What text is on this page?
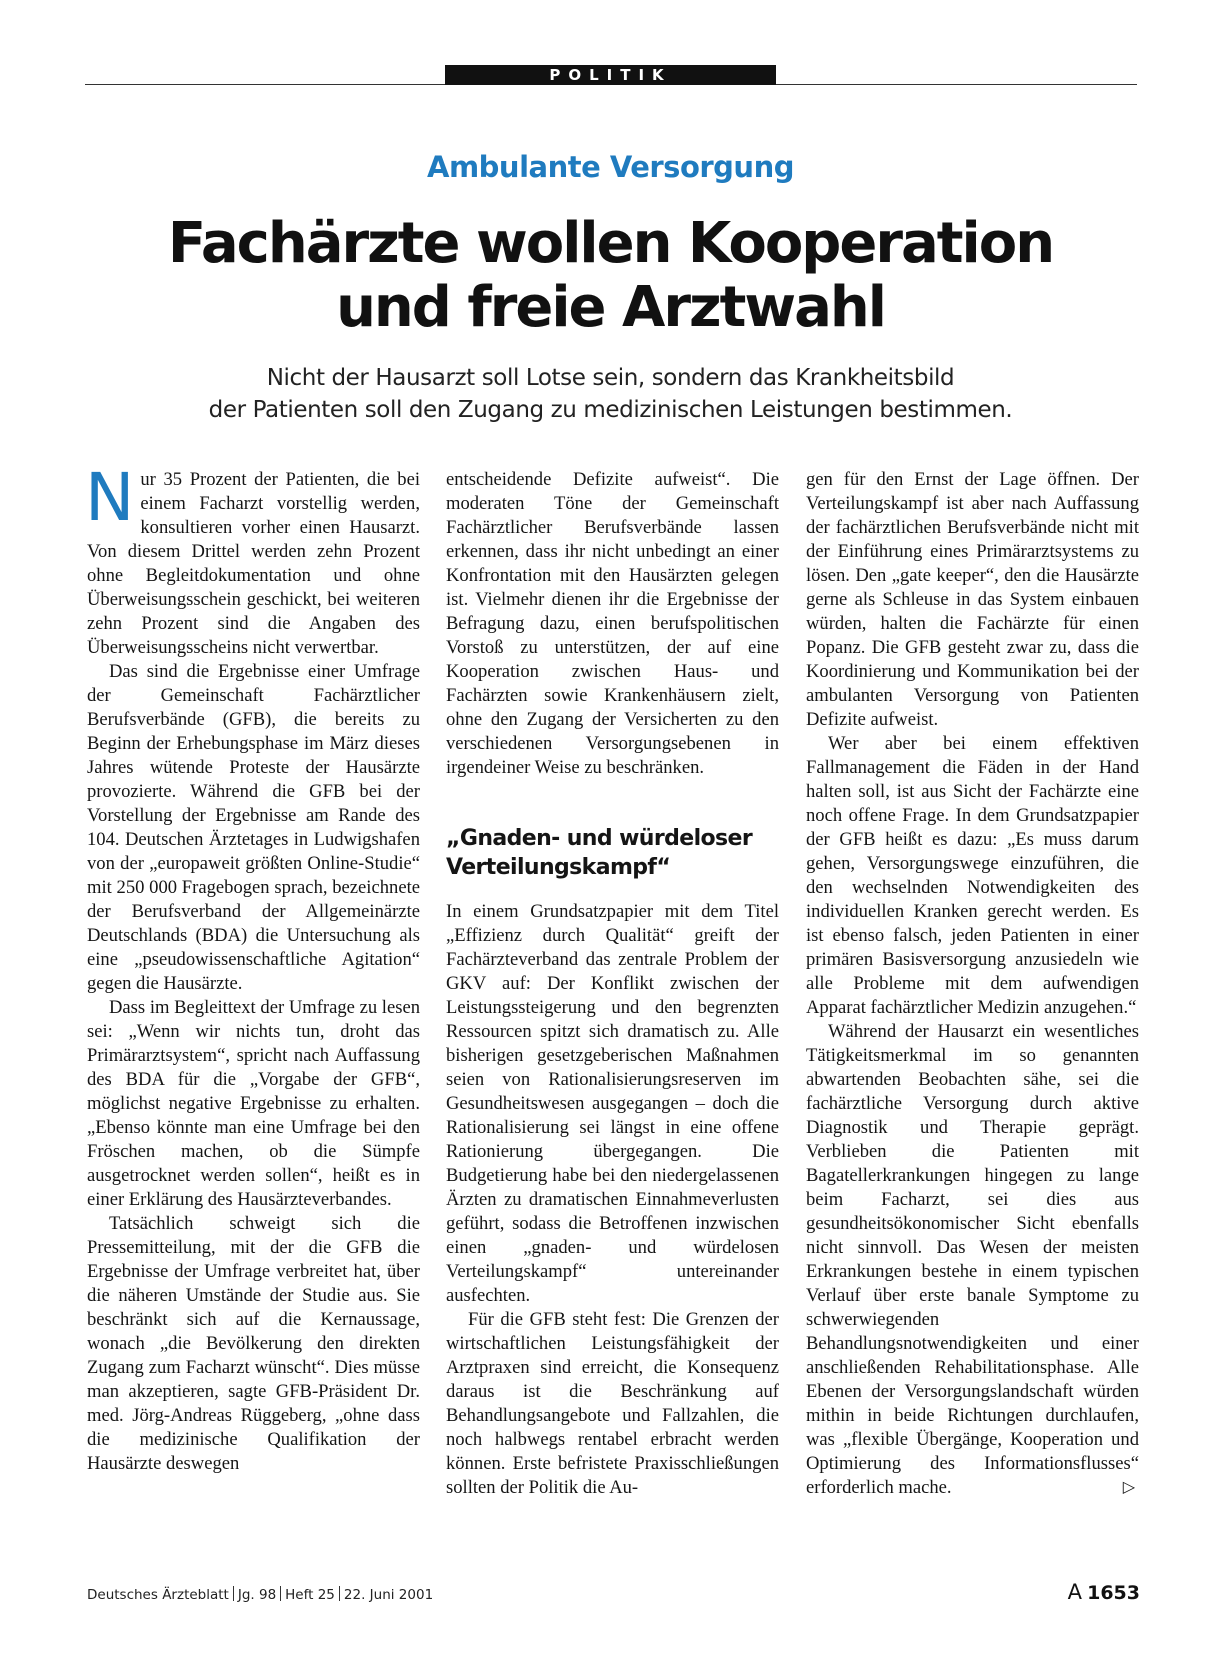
POLITIK
Ambulante Versorgung
Fachärzte wollen Kooperation
und freie Arztwahl
Nicht der Hausarzt soll Lotse sein, sondern das Krankheitsbild
der Patienten soll den Zugang zu medizinischen Leistungen bestimmen.

Nur 35 Prozent der Patienten, die bei einem Facharzt vorstellig werden, konsultieren vorher einen Hausarzt. Von diesem Drittel werden zehn Prozent ohne Begleitdokumentation und ohne Überweisungsschein geschickt, bei weiteren zehn Prozent sind die Angaben des Überweisungsscheins nicht verwertbar.

Das sind die Ergebnisse einer Umfrage der Gemeinschaft Fachärztlicher Berufsverbände (GFB), die bereits zu Beginn der Erhebungsphase im März dieses Jahres wütende Proteste der Hausärzte provozierte. Während die GFB bei der Vorstellung der Ergebnisse am Rande des 104. Deutschen Ärztetages in Ludwigshafen von der „europaweit größten Online-Studie“ mit 250 000 Fragebogen sprach, bezeichnete der Berufsverband der Allgemeinärzte Deutschlands (BDA) die Untersuchung als eine „pseudowissenschaftliche Agitation“ gegen die Hausärzte.

Dass im Begleittext der Umfrage zu lesen sei: „Wenn wir nichts tun, droht das Primärarztsystem“, spricht nach Auffassung des BDA für die „Vorgabe der GFB“, möglichst negative Ergebnisse zu erhalten. „Ebenso könnte man eine Umfrage bei den Fröschen machen, ob die Sümpfe ausgetrocknet werden sollen“, heißt es in einer Erklärung des Hausärzteverbandes.

Tatsächlich schweigt sich die Pressemitteilung, mit der die GFB die Ergebnisse der Umfrage verbreitet hat, über die näheren Umstände der Studie aus. Sie beschränkt sich auf die Kernaussage, wonach „die Bevölkerung den direkten Zugang zum Facharzt wünscht“. Dies müsse man akzeptieren, sagte GFB-Präsident Dr. med. Jörg-Andreas Rüggeberg, „ohne dass die medizinische Qualifikation der Hausärzte deswegen

entscheidende Defizite aufweist“. Die moderaten Töne der Gemeinschaft Fachärztlicher Berufsverbände lassen erkennen, dass ihr nicht unbedingt an einer Konfrontation mit den Hausärzten gelegen ist. Vielmehr dienen ihr die Ergebnisse der Befragung dazu, einen berufspolitischen Vorstoß zu unterstützen, der auf eine Kooperation zwischen Haus- und Fachärzten sowie Krankenhäusern zielt, ohne den Zugang der Versicherten zu den verschiedenen Versorgungsebenen in irgendeiner Weise zu beschränken.

„Gnaden- und würdeloser Verteilungskampf“

In einem Grundsatzpapier mit dem Titel „Effizienz durch Qualität“ greift der Fachärzteverband das zentrale Problem der GKV auf: Der Konflikt zwischen der Leistungssteigerung und den begrenzten Ressourcen spitzt sich dramatisch zu. Alle bisherigen gesetzgeberischen Maßnahmen seien von Rationalisierungsreserven im Gesundheitswesen ausgegangen – doch die Rationalisierung sei längst in eine offene Rationierung übergegangen. Die Budgetierung habe bei den niedergelassenen Ärzten zu dramatischen Einnahmeverlusten geführt, sodass die Betroffenen inzwischen einen „gnaden- und würdelosen Verteilungskampf“ untereinander ausfechten.

Für die GFB steht fest: Die Grenzen der wirtschaftlichen Leistungsfähigkeit der Arztpraxen sind erreicht, die Konsequenz daraus ist die Beschränkung auf Behandlungsangebote und Fallzahlen, die noch halbwegs rentabel erbracht werden können. Erste befristete Praxisschließungen sollten der Politik die Au-

gen für den Ernst der Lage öffnen. Der Verteilungskampf ist aber nach Auffassung der fachärztlichen Berufsverbände nicht mit der Einführung eines Primärarztsystems zu lösen. Den „gate keeper“, den die Hausärzte gerne als Schleuse in das System einbauen würden, halten die Fachärzte für einen Popanz. Die GFB gesteht zwar zu, dass die Koordinierung und Kommunikation bei der ambulanten Versorgung von Patienten Defizite aufweist.

Wer aber bei einem effektiven Fallmanagement die Fäden in der Hand halten soll, ist aus Sicht der Fachärzte eine noch offene Frage. In dem Grundsatzpapier der GFB heißt es dazu: „Es muss darum gehen, Versorgungswege einzuführen, die den wechselnden Notwendigkeiten des individuellen Kranken gerecht werden. Es ist ebenso falsch, jeden Patienten in einer primären Basisversorgung anzusiedeln wie alle Probleme mit dem aufwendigen Apparat fachärztlicher Medizin anzugehen.“

Während der Hausarzt ein wesentliches Tätigkeitsmerkmal im so genannten abwartenden Beobachten sähe, sei die fachärztliche Versorgung durch aktive Diagnostik und Therapie geprägt. Verblieben die Patienten mit Bagatellerkrankungen hingegen zu lange beim Facharzt, sei dies aus gesundheitsökonomischer Sicht ebenfalls nicht sinnvoll. Das Wesen der meisten Erkrankungen bestehe in einem typischen Verlauf über erste banale Symptome zu schwerwiegenden Behandlungsnotwendigkeiten und einer anschließenden Rehabilitationsphase. Alle Ebenen der Versorgungslandschaft würden mithin in beide Richtungen durchlaufen, was „flexible Übergänge, Kooperation und Optimierung des Informationsflusses“ erforderlich mache.	▷

Deutsches Ärzteblatt Jg. 98 Heft 25 22. Juni 2001	A 1653
